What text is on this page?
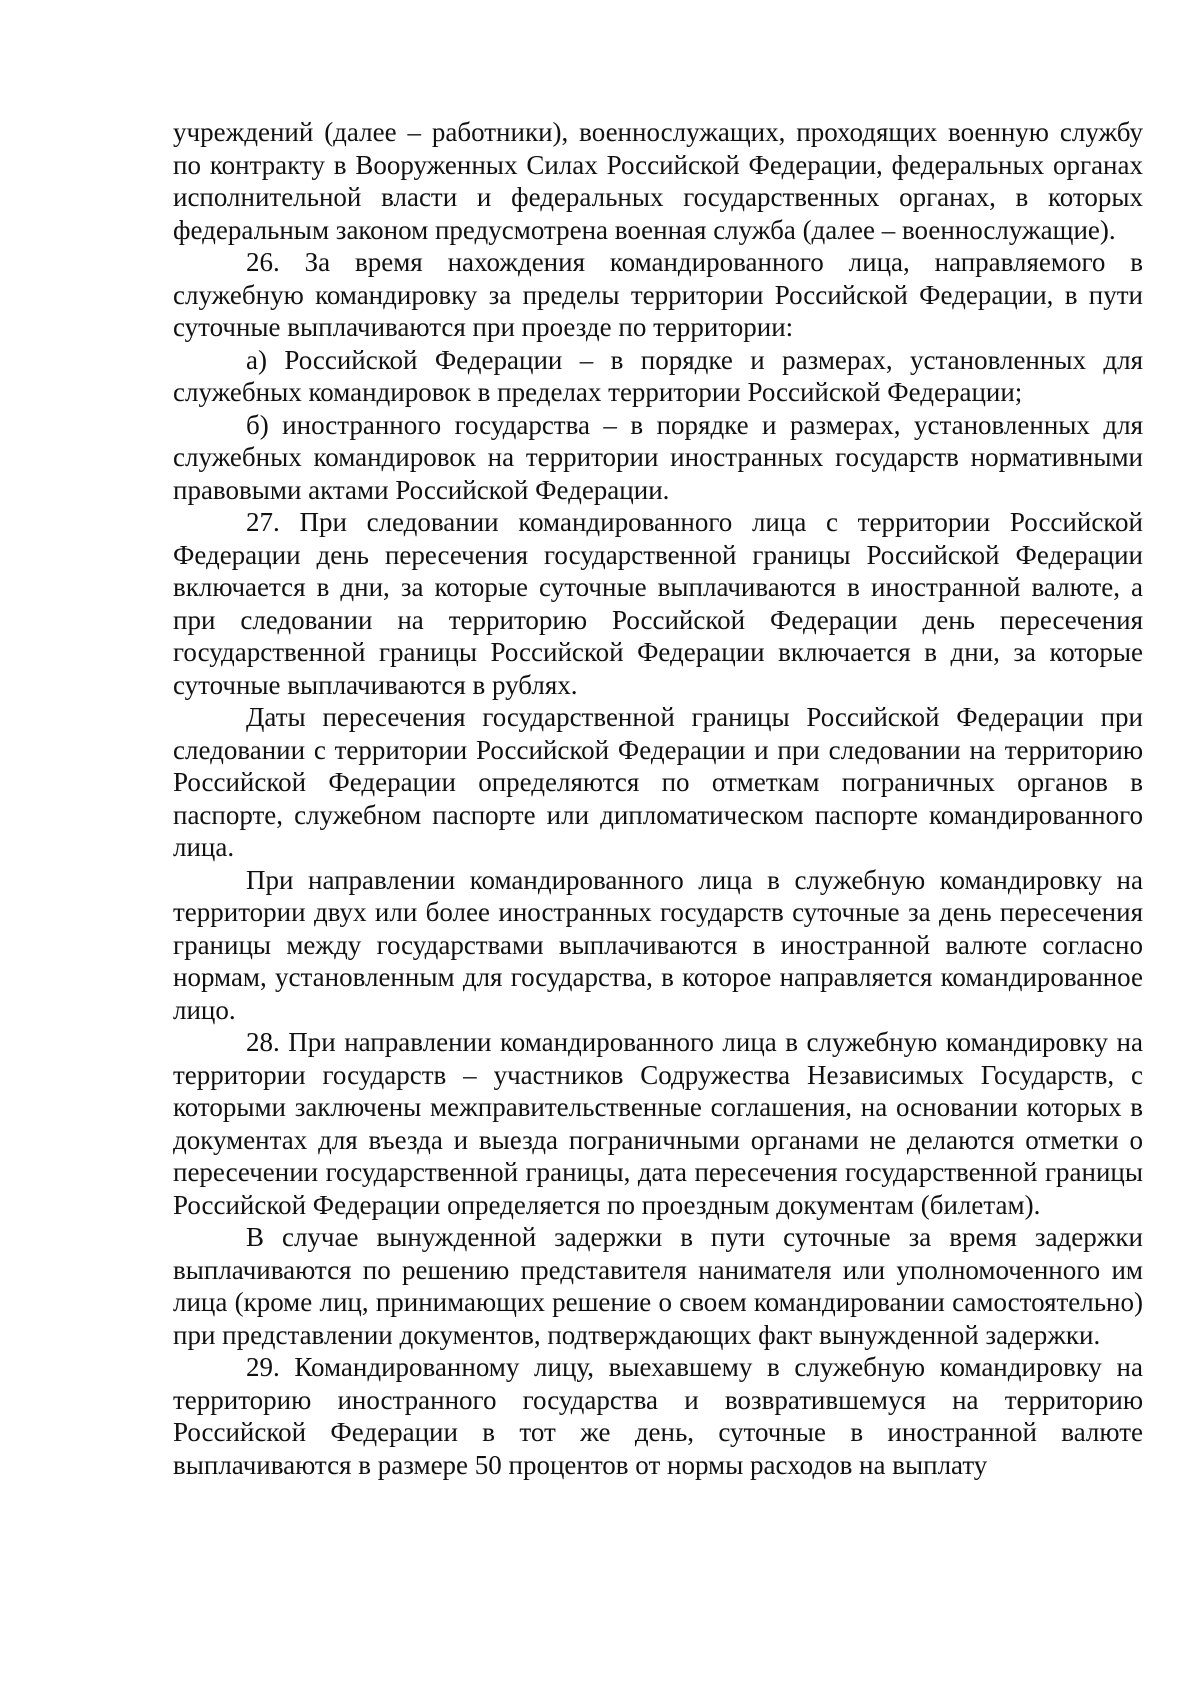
учреждений (далее – работники), военнослужащих, проходящих военную службу по контракту в Вооруженных Силах Российской Федерации, федеральных органах исполнительной власти и федеральных государственных органах, в которых федеральным законом предусмотрена военная служба (далее – военнослужащие).

26. За время нахождения командированного лица, направляемого в служебную командировку за пределы территории Российской Федерации, в пути суточные выплачиваются при проезде по территории:

а) Российской Федерации – в порядке и размерах, установленных для служебных командировок в пределах территории Российской Федерации;

б) иностранного государства – в порядке и размерах, установленных для служебных командировок на территории иностранных государств нормативными правовыми актами Российской Федерации.

27. При следовании командированного лица с территории Российской Федерации день пересечения государственной границы Российской Федерации включается в дни, за которые суточные выплачиваются в иностранной валюте, а при следовании на территорию Российской Федерации день пересечения государственной границы Российской Федерации включается в дни, за которые суточные выплачиваются в рублях.

Даты пересечения государственной границы Российской Федерации при следовании с территории Российской Федерации и при следовании на территорию Российской Федерации определяются по отметкам пограничных органов в паспорте, служебном паспорте или дипломатическом паспорте командированного лица.

При направлении командированного лица в служебную командировку на территории двух или более иностранных государств суточные за день пересечения границы между государствами выплачиваются в иностранной валюте согласно нормам, установленным для государства, в которое направляется командированное лицо.

28. При направлении командированного лица в служебную командировку на территории государств – участников Содружества Независимых Государств, с которыми заключены межправительственные соглашения, на основании которых в документах для въезда и выезда пограничными органами не делаются отметки о пересечении государственной границы, дата пересечения государственной границы Российской Федерации определяется по проездным документам (билетам).

В случае вынужденной задержки в пути суточные за время задержки выплачиваются по решению представителя нанимателя или уполномоченного им лица (кроме лиц, принимающих решение о своем командировании самостоятельно) при представлении документов, подтверждающих факт вынужденной задержки.

29. Командированному лицу, выехавшему в служебную командировку на территорию иностранного государства и возвратившемуся на территорию Российской Федерации в тот же день, суточные в иностранной валюте выплачиваются в размере 50 процентов от нормы расходов на выплату
